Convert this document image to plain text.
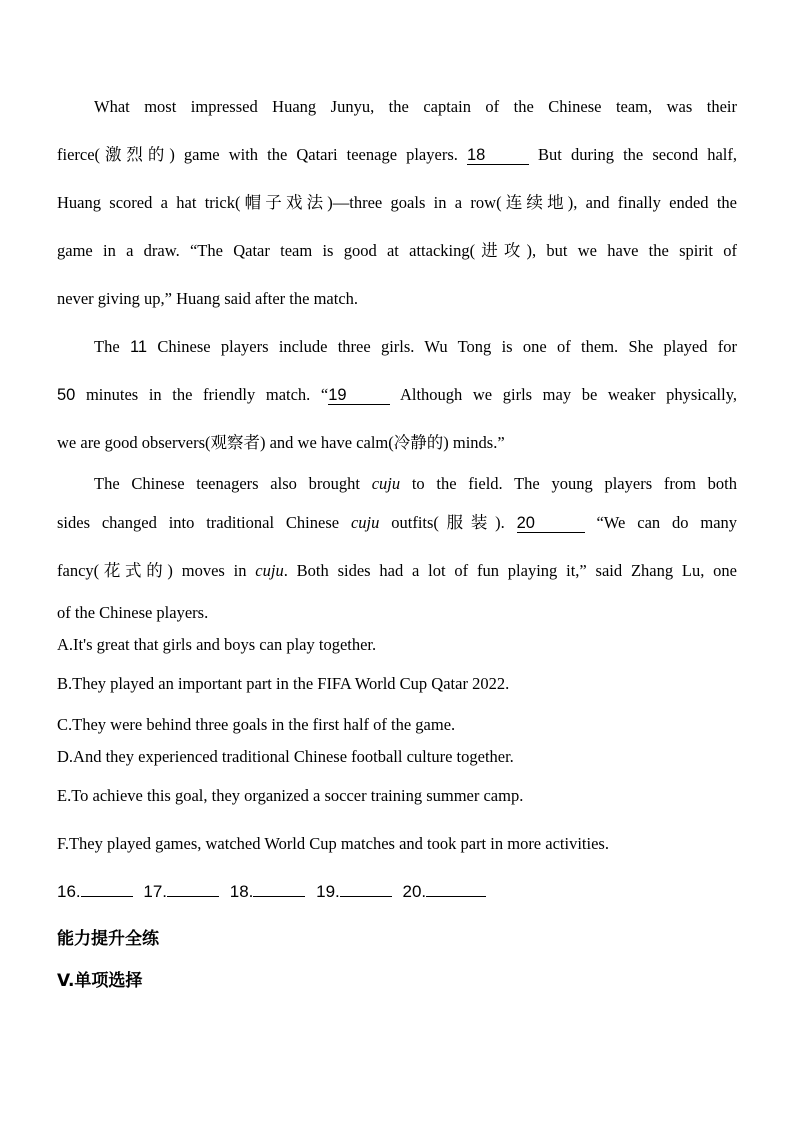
What most impressed Huang Junyu, the captain of the Chinese team, was their
fierce(激烈的) game with the Qatari teenage players. 18	But during the second half,
Huang scored a hat trick(帽子戏法)—three goals in a row(连续地), and finally ended the
game in a draw. “The Qatar team is good at attacking(进攻), but we have the spirit of
never giving up,” Huang said after the match.
The 11 Chinese players include three girls. Wu Tong is one of them. She played for
50 minutes in the friendly match. “19	Although we girls may be weaker physically,
we are good observers(观察者) and we have calm(冷静的) minds.”
The Chinese teenagers also brought cuju to the field. The young players from both
sides changed into traditional Chinese cuju outfits(服装). 20	“We can do many
fancy(花式的) moves in cuju. Both sides had a lot of fun playing it,” said Zhang Lu, one
of the Chinese players.
A.It's great that girls and boys can play together.
B.They played an important part in the FIFA World Cup Qatar 2022.
C.They were behind three goals in the first half of the game.
D.And they experienced traditional Chinese football culture together.
E.To achieve this goal, they organized a soccer training summer camp.
F.They played games, watched World Cup matches and took part in more activities.
16.	17.	18.	19.	20.
能力提升全练
V.单项选择
